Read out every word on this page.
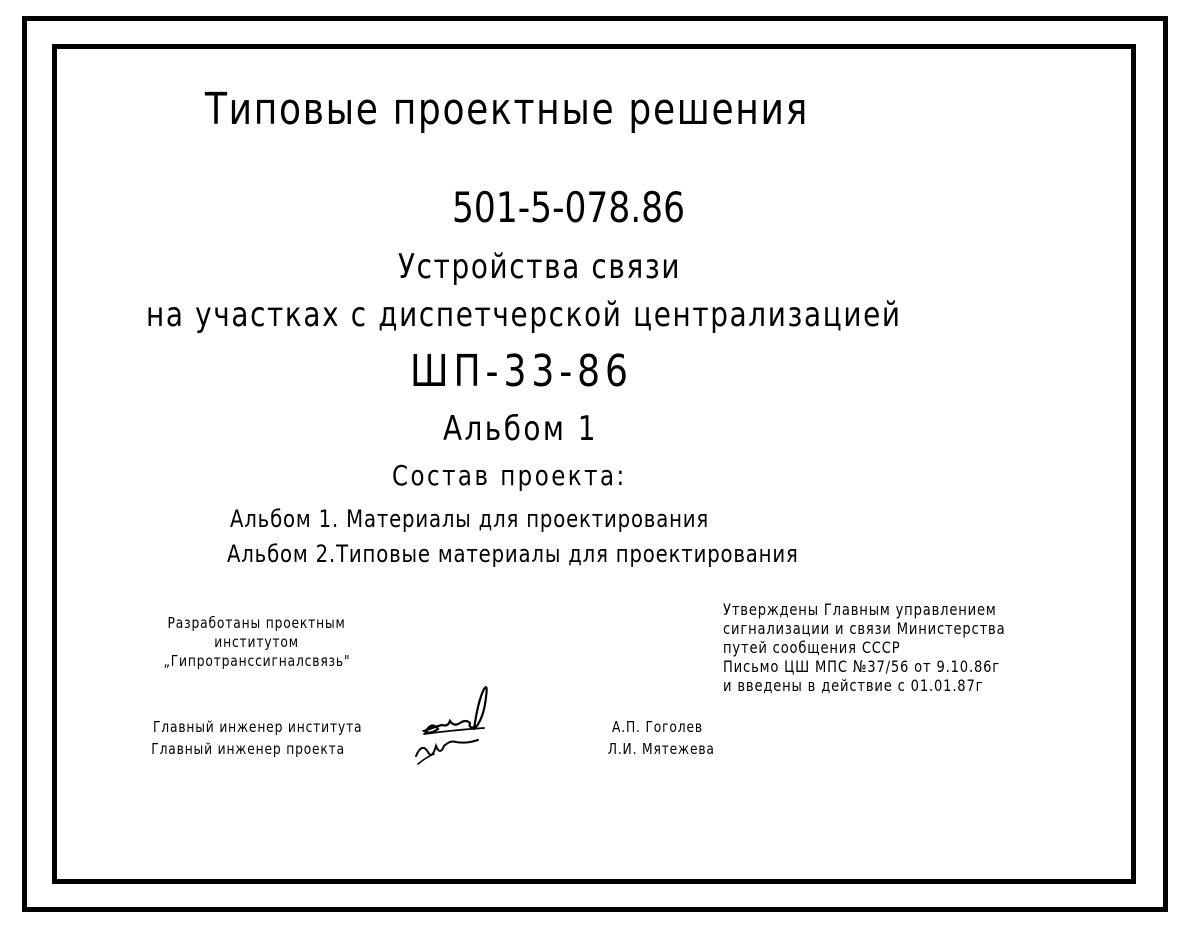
Типовые проектные решения
501-5-078.86
Устройства связи
на участках с диспетчерской централизацией
ШП-33-86
Альбом 1
Состав проекта:
Альбом 1. Материалы для проектирования
Альбом 2.Типовые материалы для проектирования
Разработаны проектным
институтом
„Гипротранссигналсвязь"
Утверждены Главным управлением
сигнализации и связи Министерства
путей сообщения СССР
Письмо ЦШ МПС №37/56 от 9.10.86г
и введены в действие с 01.01.87г
Главный инженер института	А.П. Гоголев
Главный инженер проекта	Л.И. Мятежева
